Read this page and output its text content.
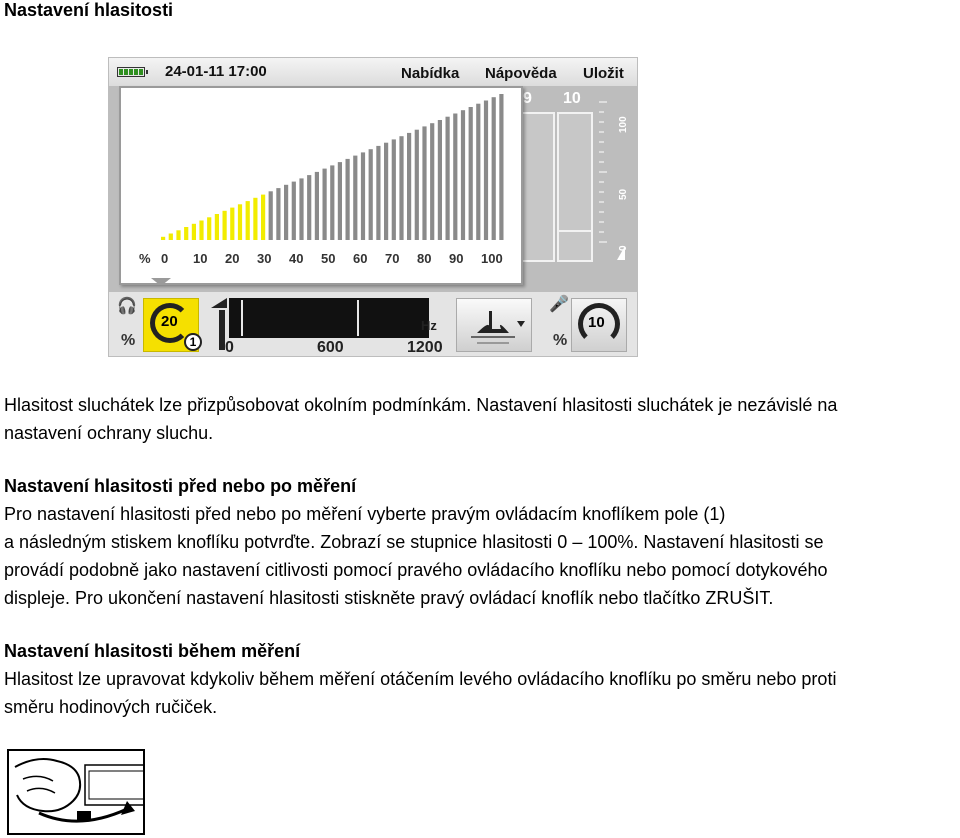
Nastavení hlasitosti
24-01-11 17:00	Nabídka Nápověda Uložit
9 10
100
50
0
% 0 10 20 30 40 50 60 70 80 90 100
🎧
%
20
1
Hz
0	600	1200
🎤
%
10

Hlasitost sluchátek lze přizpůsobovat okolním podmínkám. Nastavení hlasitosti sluchátek je nezávislé na

nastavení ochrany sluchu.

Nastavení hlasitosti před nebo po měření

Pro nastavení hlasitosti před nebo po měření vyberte pravým ovládacím knoflíkem pole (1)

a následným stiskem knoflíku potvrďte. Zobrazí se stupnice hlasitosti 0 – 100%. Nastavení hlasitosti se

provádí podobně jako nastavení citlivosti pomocí pravého ovládacího knoflíku nebo pomocí dotykového

displeje. Pro ukončení nastavení hlasitosti stiskněte pravý ovládací knoflík nebo tlačítko ZRUŠIT.

Nastavení hlasitosti během měření

Hlasitost lze upravovat kdykoliv během měření otáčením levého ovládacího knoflíku po směru nebo proti

směru hodinových ručiček.
